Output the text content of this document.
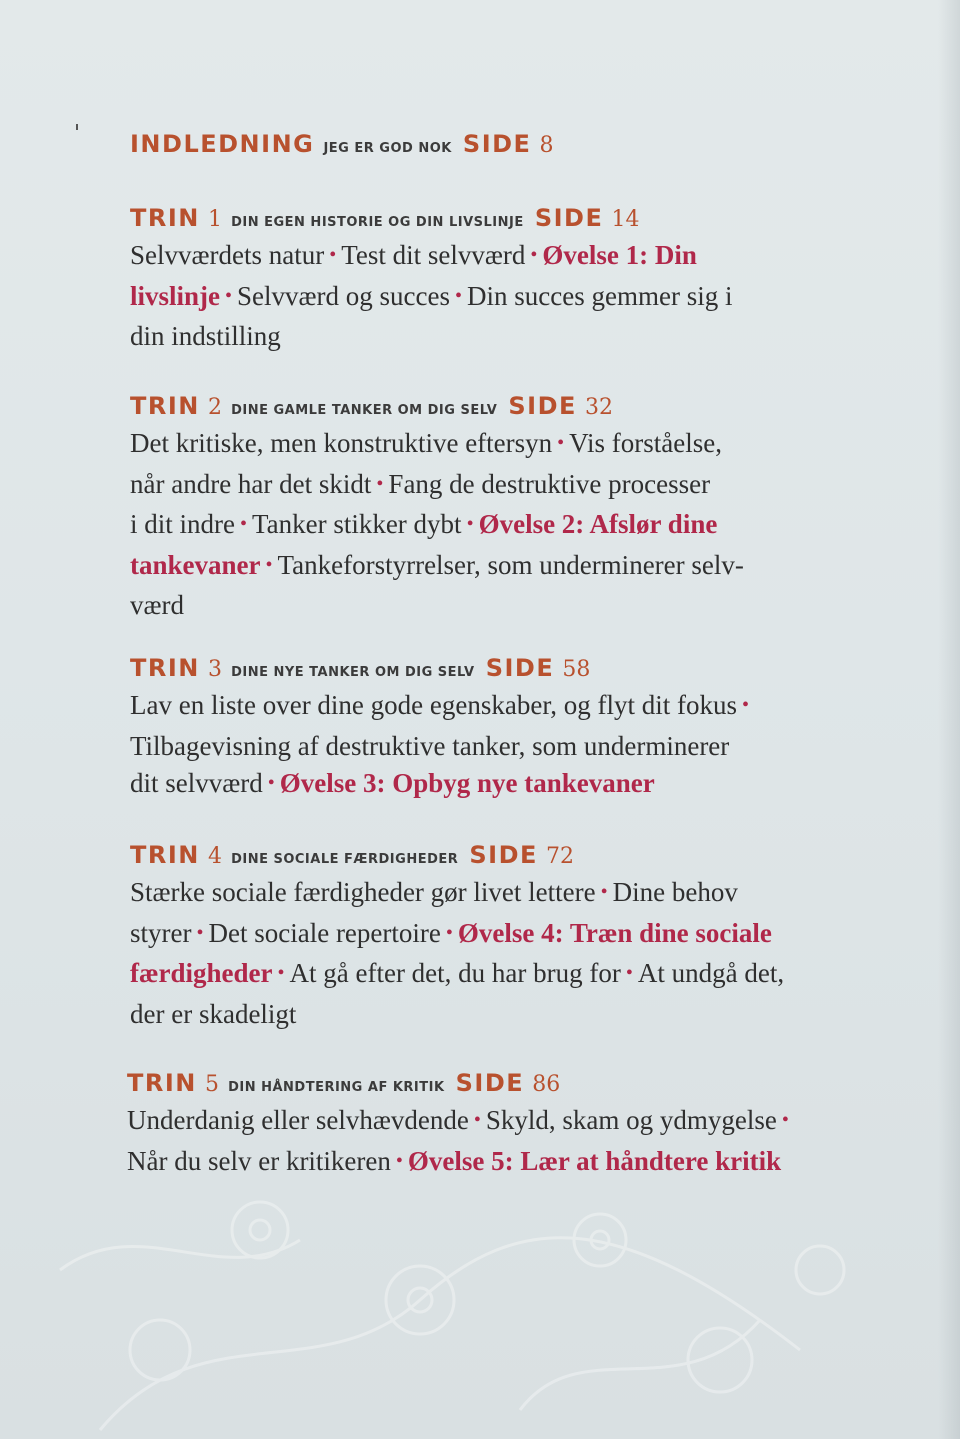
INDLEDNING JEG ER GOD NOK SIDE 8
TRIN 1 DIN EGEN HISTORIE OG DIN LIVSLINJE SIDE 14
Selvværdets natur • Test dit selvværd • Øvelse 1: Din
livslinje • Selvværd og succes • Din succes gemmer sig i
din indstilling
TRIN 2 DINE GAMLE TANKER OM DIG SELV SIDE 32
Det kritiske, men konstruktive eftersyn • Vis forståelse,
når andre har det skidt • Fang de destruktive processer
i dit indre • Tanker stikker dybt • Øvelse 2: Afslør dine
tankevaner • Tankeforstyrrelser, som underminerer selv-
værd
TRIN 3 DINE NYE TANKER OM DIG SELV SIDE 58
Lav en liste over dine gode egenskaber, og flyt dit fokus •
Tilbagevisning af destruktive tanker, som underminerer
dit selvværd • Øvelse 3: Opbyg nye tankevaner
TRIN 4 DINE SOCIALE FÆRDIGHEDER SIDE 72
Stærke sociale færdigheder gør livet lettere • Dine behov
styrer • Det sociale repertoire • Øvelse 4: Træn dine sociale
færdigheder • At gå efter det, du har brug for • At undgå det,
der er skadeligt
TRIN 5 DIN HÅNDTERING AF KRITIK SIDE 86
Underdanig eller selvhævdende • Skyld, skam og ydmygelse •
Når du selv er kritikeren • Øvelse 5: Lær at håndtere kritik
